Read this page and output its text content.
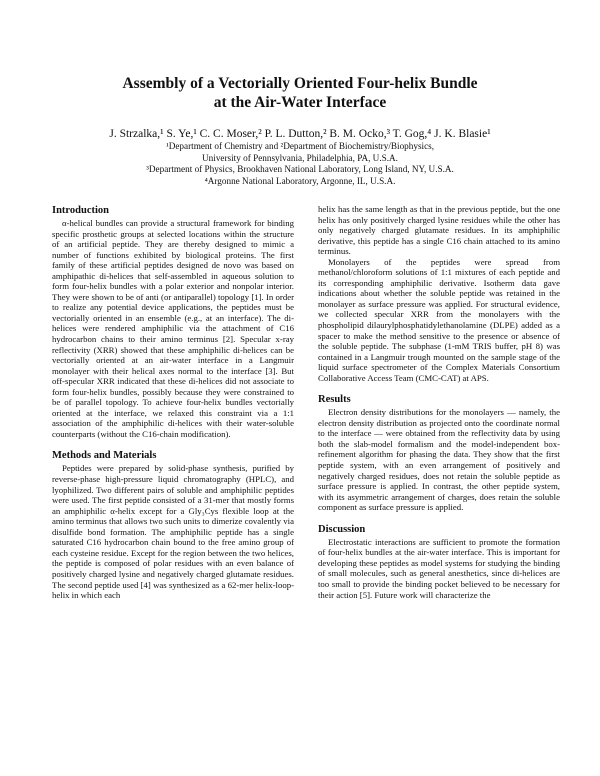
Assembly of a Vectorially Oriented Four-helix Bundle
at the Air-Water Interface
J. Strzalka,¹ S. Ye,¹ C. C. Moser,² P. L. Dutton,² B. M. Ocko,³ T. Gog,⁴ J. K. Blasie¹
¹Department of Chemistry and ²Department of Biochemistry/Biophysics,
University of Pennsylvania, Philadelphia, PA, U.S.A.
³Department of Physics, Brookhaven National Laboratory, Long Island, NY, U.S.A.
⁴Argonne National Laboratory, Argonne, IL, U.S.A.
Introduction

α-helical bundles can provide a structural framework for binding specific prosthetic groups at selected locations within the structure of an artificial peptide. They are thereby designed to mimic a number of functions exhibited by biological proteins. The first family of these artificial peptides designed de novo was based on amphipathic di-helices that self-assembled in aqueous solution to form four-helix bundles with a polar exterior and nonpolar interior. They were shown to be of anti (or antiparallel) topology [1]. In order to realize any potential device applications, the peptides must be vectorially oriented in an ensemble (e.g., at an interface). The di-helices were rendered amphiphilic via the attachment of C16 hydrocarbon chains to their amino terminus [2]. Specular x-ray reflectivity (XRR) showed that these amphiphilic di-helices can be vectorially oriented at an air-water interface in a Langmuir monolayer with their helical axes normal to the interface [3]. But off-specular XRR indicated that these di-helices did not associate to form four-helix bundles, possibly because they were constrained to be of parallel topology. To achieve four-helix bundles vectorially oriented at the interface, we relaxed this constraint via a 1:1 association of the amphiphilic di-helices with their water-soluble counterparts (without the C16-chain modification).

Methods and Materials

Peptides were prepared by solid-phase synthesis, purified by reverse-phase high-pressure liquid chromatography (HPLC), and lyophilized. Two different pairs of soluble and amphiphilic peptides were used. The first peptide consisted of a 31-mer that mostly forms an amphiphilic α-helix except for a Gly₃Cys flexible loop at the amino terminus that allows two such units to dimerize covalently via disulfide bond formation. The amphiphilic peptide has a single saturated C16 hydrocarbon chain bound to the free amino group of each cysteine residue. Except for the region between the two helices, the peptide is composed of polar residues with an even balance of positively charged lysine and negatively charged glutamate residues. The second peptide used [4] was synthesized as a 62-mer helix-loop-helix in which each

helix has the same length as that in the previous peptide, but the one helix has only positively charged lysine residues while the other has only negatively charged glutamate residues. In its amphiphilic derivative, this peptide has a single C16 chain attached to its amino terminus.

Monolayers of the peptides were spread from methanol/chloroform solutions of 1:1 mixtures of each peptide and its corresponding amphiphilic derivative. Isotherm data gave indications about whether the soluble peptide was retained in the monolayer as surface pressure was applied. For structural evidence, we collected specular XRR from the monolayers with the phospholipid dilaurylphosphatidylethanolamine (DLPE) added as a spacer to make the method sensitive to the presence or absence of the soluble peptide. The subphase (1-mM TRIS buffer, pH 8) was contained in a Langmuir trough mounted on the sample stage of the liquid surface spectrometer of the Complex Materials Consortium Collaborative Access Team (CMC-CAT) at APS.

Results

Electron density distributions for the monolayers — namely, the electron density distribution as projected onto the coordinate normal to the interface — were obtained from the reflectivity data by using both the slab-model formalism and the model-independent box-refinement algorithm for phasing the data. They show that the first peptide system, with an even arrangement of positively and negatively charged residues, does not retain the soluble peptide as surface pressure is applied. In contrast, the other peptide system, with its asymmetric arrangement of charges, does retain the soluble component as surface pressure is applied.

Discussion

Electrostatic interactions are sufficient to promote the formation of four-helix bundles at the air-water interface. This is important for developing these peptides as model systems for studying the binding of small molecules, such as general anesthetics, since di-helices are too small to provide the binding pocket believed to be necessary for their action [5]. Future work will characterize the
